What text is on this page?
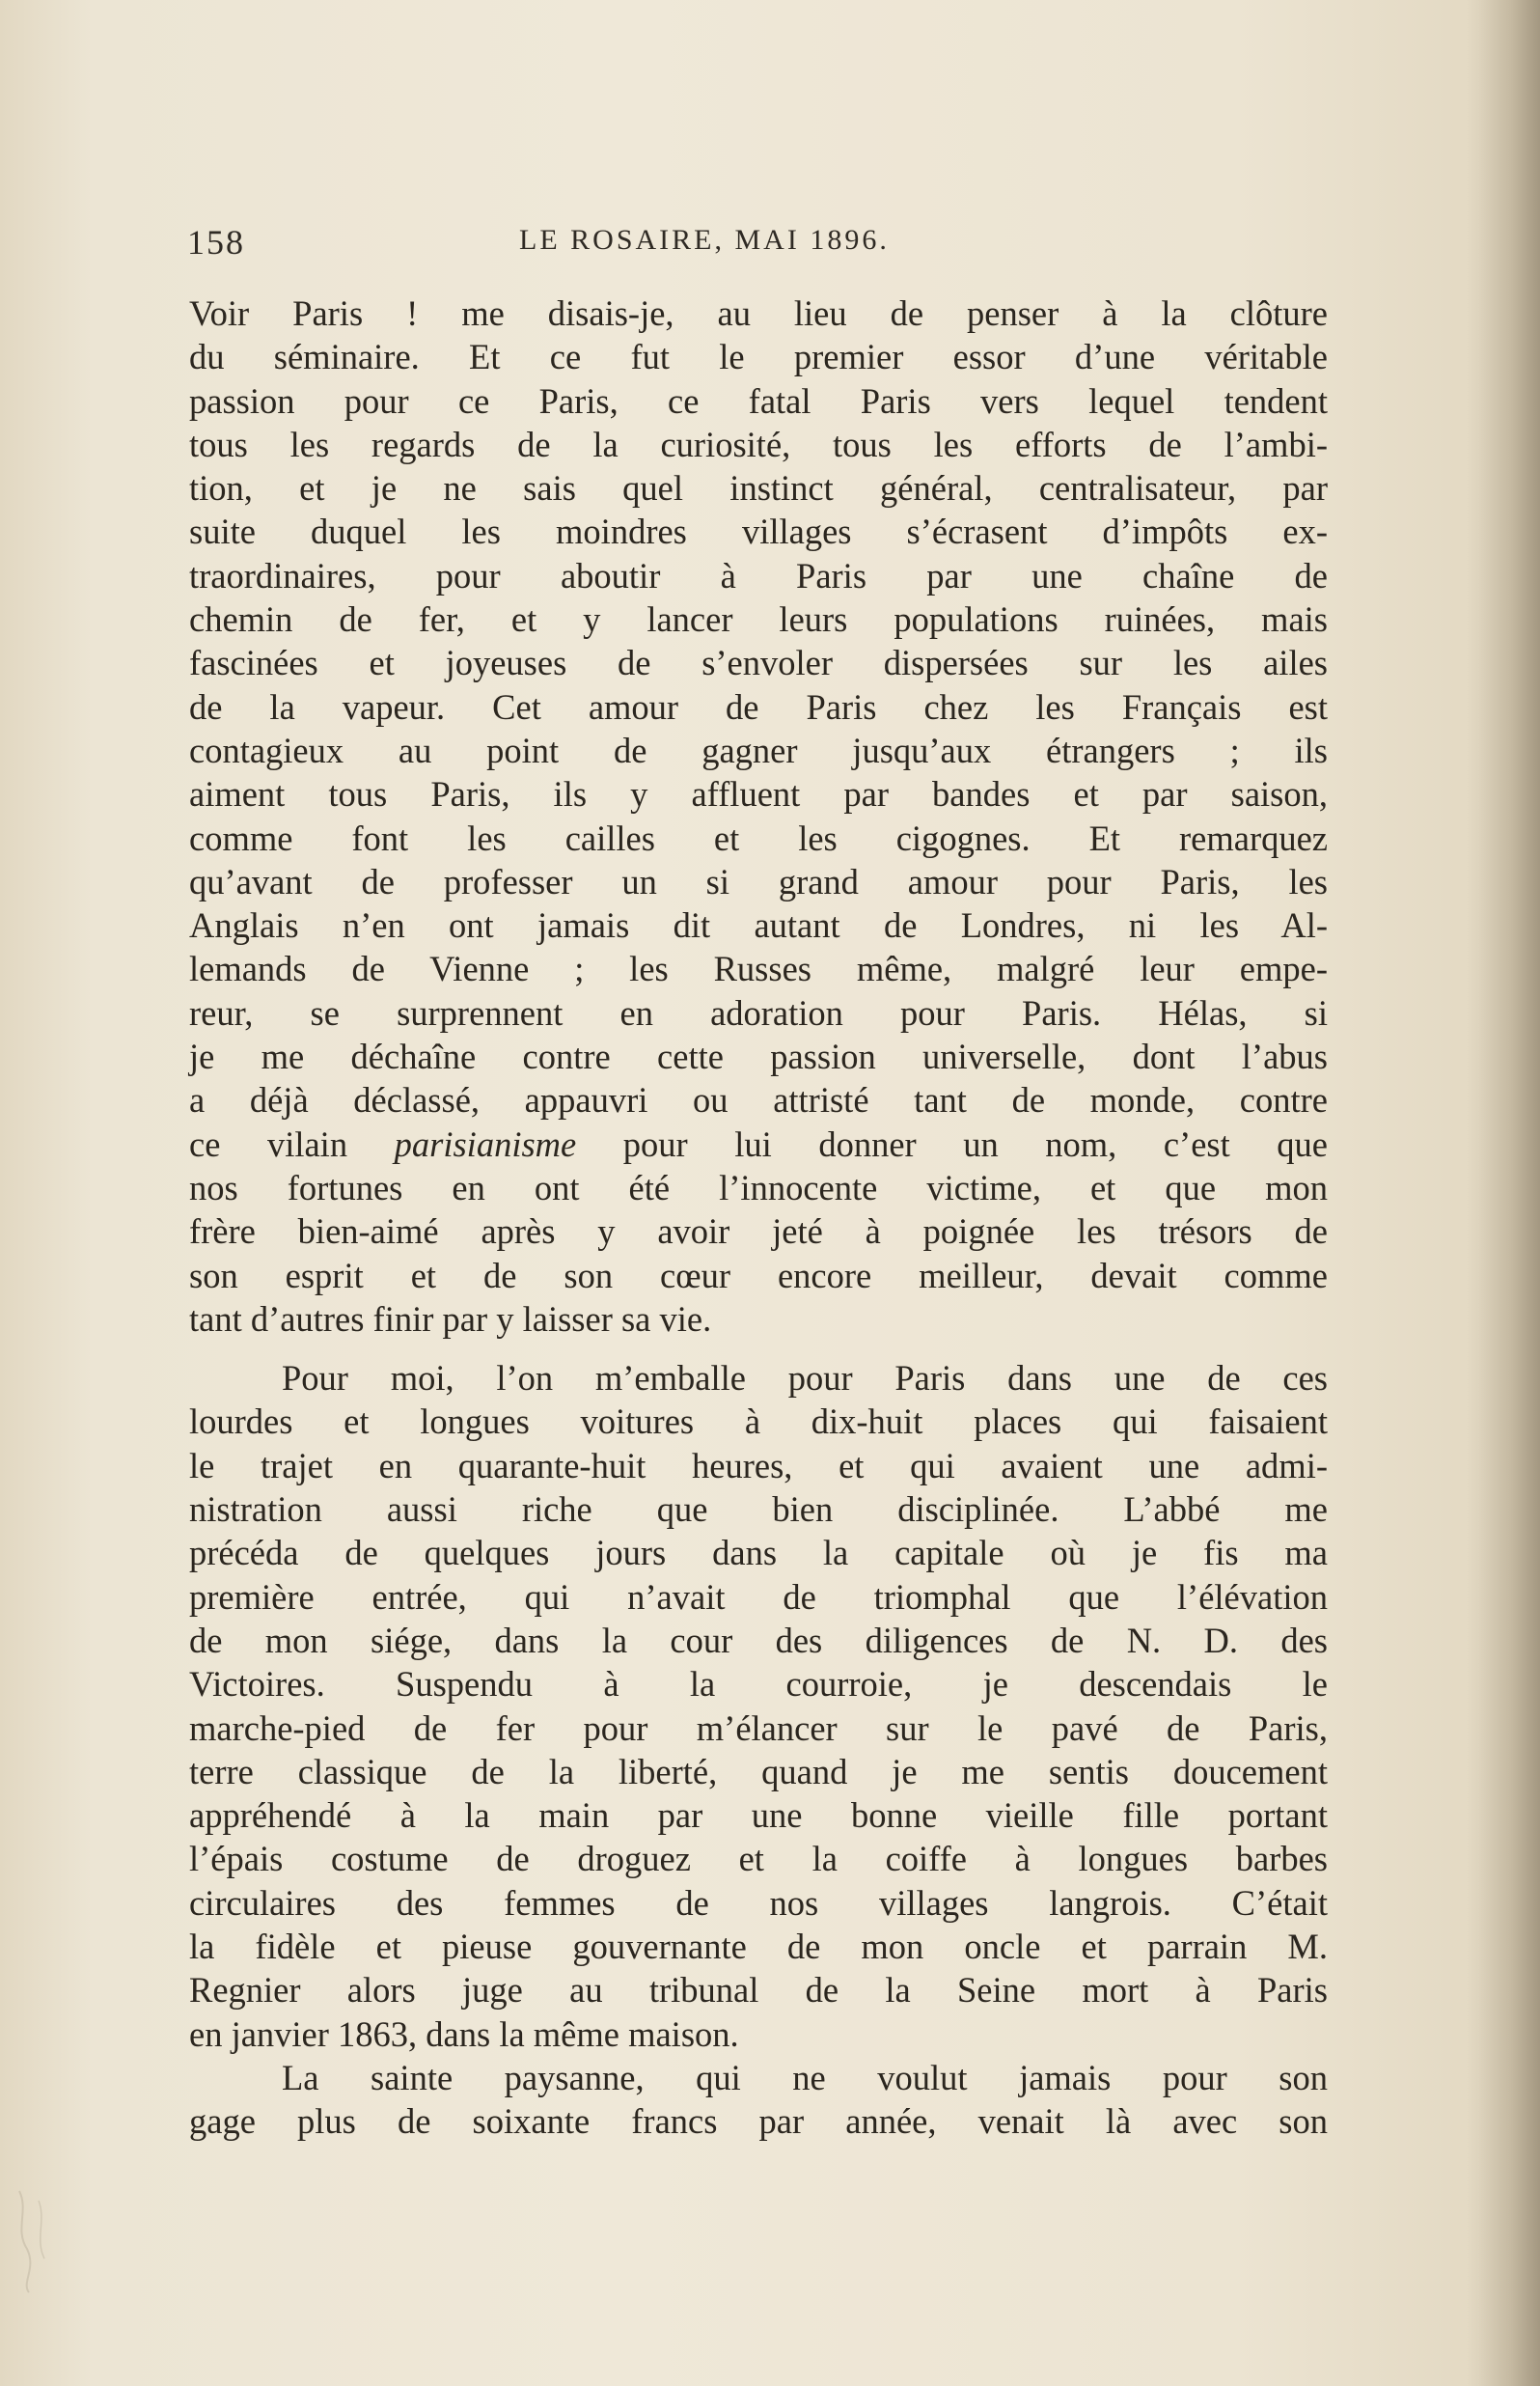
158	LE ROSAIRE, MAI 1896.
Voir Paris ! me disais-je, au lieu de penser à la clôture
du séminaire. Et ce fut le premier essor d’une véritable
passion pour ce Paris, ce fatal Paris vers lequel tendent
tous les regards de la curiosité, tous les efforts de l’ambi-
tion, et je ne sais quel instinct général, centralisateur, par
suite duquel les moindres villages s’écrasent d’impôts ex-
traordinaires, pour aboutir à Paris par une chaîne de
chemin de fer, et y lancer leurs populations ruinées, mais
fascinées et joyeuses de s’envoler dispersées sur les ailes
de la vapeur. Cet amour de Paris chez les Français est
contagieux au point de gagner jusqu’aux étrangers ; ils
aiment tous Paris, ils y affluent par bandes et par saison,
comme font les cailles et les cigognes. Et remarquez
qu’avant de professer un si grand amour pour Paris, les
Anglais n’en ont jamais dit autant de Londres, ni les Al-
lemands de Vienne ; les Russes même, malgré leur empe-
reur, se surprennent en adoration pour Paris. Hélas, si
je me déchaîne contre cette passion universelle, dont l’abus
a déjà déclassé, appauvri ou attristé tant de monde, contre
ce vilain parisianisme pour lui donner un nom, c’est que
nos fortunes en ont été l’innocente victime, et que mon
frère bien-aimé après y avoir jeté à poignée les trésors de
son esprit et de son cœur encore meilleur, devait comme
tant d’autres finir par y laisser sa vie.
Pour moi, l’on m’emballe pour Paris dans une de ces
lourdes et longues voitures à dix-huit places qui faisaient
le trajet en quarante-huit heures, et qui avaient une admi-
nistration aussi riche que bien disciplinée. L’abbé me
précéda de quelques jours dans la capitale où je fis ma
première entrée, qui n’avait de triomphal que l’élévation
de mon siége, dans la cour des diligences de N. D. des
Victoires. Suspendu à la courroie, je descendais le
marche-pied de fer pour m’élancer sur le pavé de Paris,
terre classique de la liberté, quand je me sentis doucement
appréhendé à la main par une bonne vieille fille portant
l’épais costume de droguez et la coiffe à longues barbes
circulaires des femmes de nos villages langrois. C’était
la fidèle et pieuse gouvernante de mon oncle et parrain M.
Regnier alors juge au tribunal de la Seine mort à Paris
en janvier 1863, dans la même maison.
La sainte paysanne, qui ne voulut jamais pour son
gage plus de soixante francs par année, venait là avec son
